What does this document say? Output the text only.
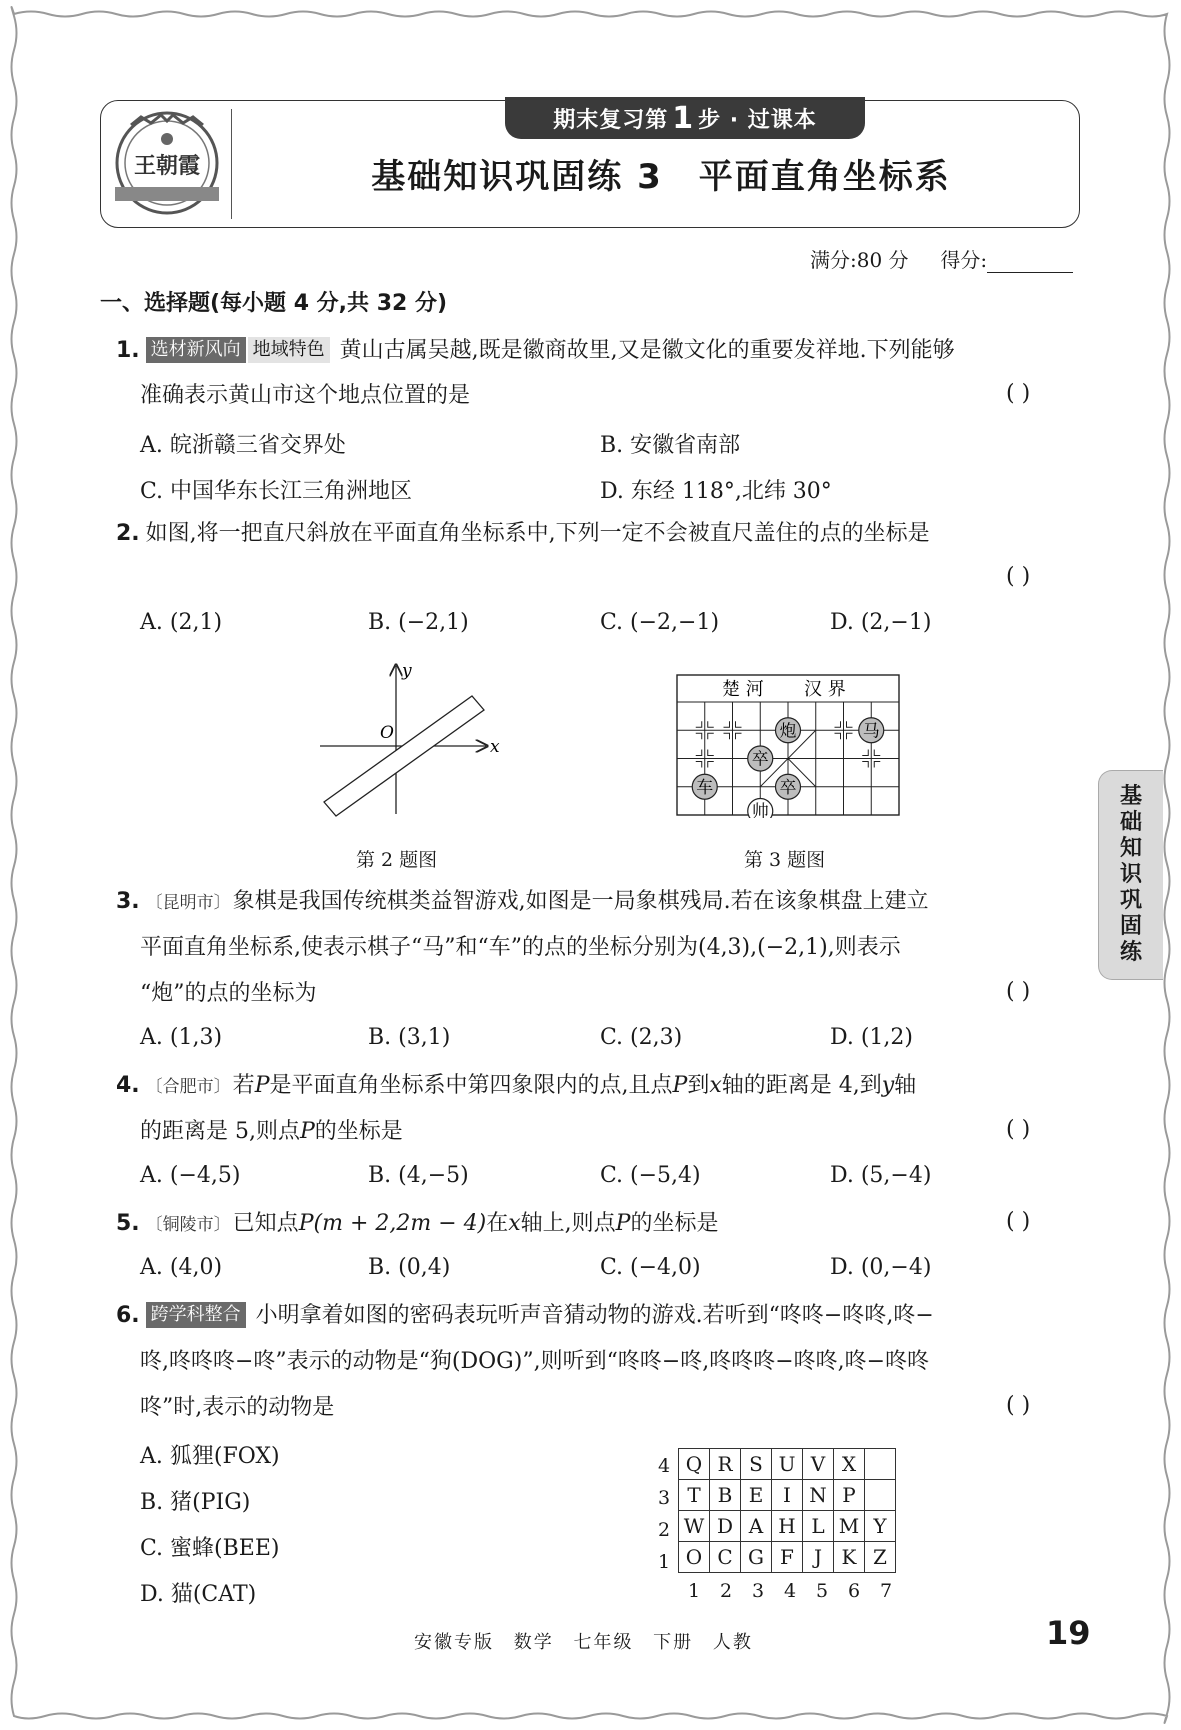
王朝霞
期末复习第 1 步 · 过课本
基础知识巩固练 3 平面直角坐标系
满分:80 分 得分:
一、选择题(每小题 4 分,共 32 分)
1. 选材新风向 地域特色 黄山古属吴越,既是徽商故里,又是徽文化的重要发祥地.下列能够
准确表示黄山市这个地点位置的是	( )
A. 皖浙赣三省交界处	B. 安徽省南部
C. 中国华东长江三角洲地区	D. 东经 118°,北纬 30°
2. 如图,将一把直尺斜放在平面直角坐标系中,下列一定不会被直尺盖住的点的坐标是
( )
A. (2,1)	B. (−2,1)	C. (−2,−1)	D. (2,−1)
x
y
O
第 2 题图
楚 河 汉 界
炮	马
卒
车	卒
帅
第 3 题图
3. 〔昆明市〕象棋是我国传统棋类益智游戏,如图是一局象棋残局.若在该象棋盘上建立
平面直角坐标系,使表示棋子“马”和“车”的点的坐标分别为(4,3),(−2,1),则表示
“炮”的点的坐标为	( )
A. (1,3)	B. (3,1)	C. (2,3)	D. (1,2)
4. 〔合肥市〕若P是平面直角坐标系中第四象限内的点,且点P到x轴的距离是 4,到y轴
的距离是 5,则点P的坐标是	( )
A. (−4,5)	B. (4,−5)	C. (−5,4)	D. (5,−4)
5. 〔铜陵市〕已知点P(m + 2,2m − 4)在x轴上,则点P的坐标是	( )
A. (4,0)	B. (0,4)	C. (−4,0)	D. (0,−4)
6. 跨学科整合 小明拿着如图的密码表玩听声音猜动物的游戏.若听到“咚咚−咚咚,咚−
咚,咚咚咚−咚”表示的动物是“狗(DOG)”,则听到“咚咚−咚,咚咚咚−咚咚,咚−咚咚
咚”时,表示的动物是	( )
A. 狐狸(FOX)
B. 猪(PIG)
C. 蜜蜂(BEE)
D. 猫(CAT)
4
3
2
1
Q	R	S	U	V	X	
T	B	E	I	N	P	
W	D	A	H	L	M	Y
O	C	G	F	J	K	Z
1	2	3	4	5	6	7
基
础
知
识
巩
固
练
安徽专版 数学 七年级 下册 人教	19
